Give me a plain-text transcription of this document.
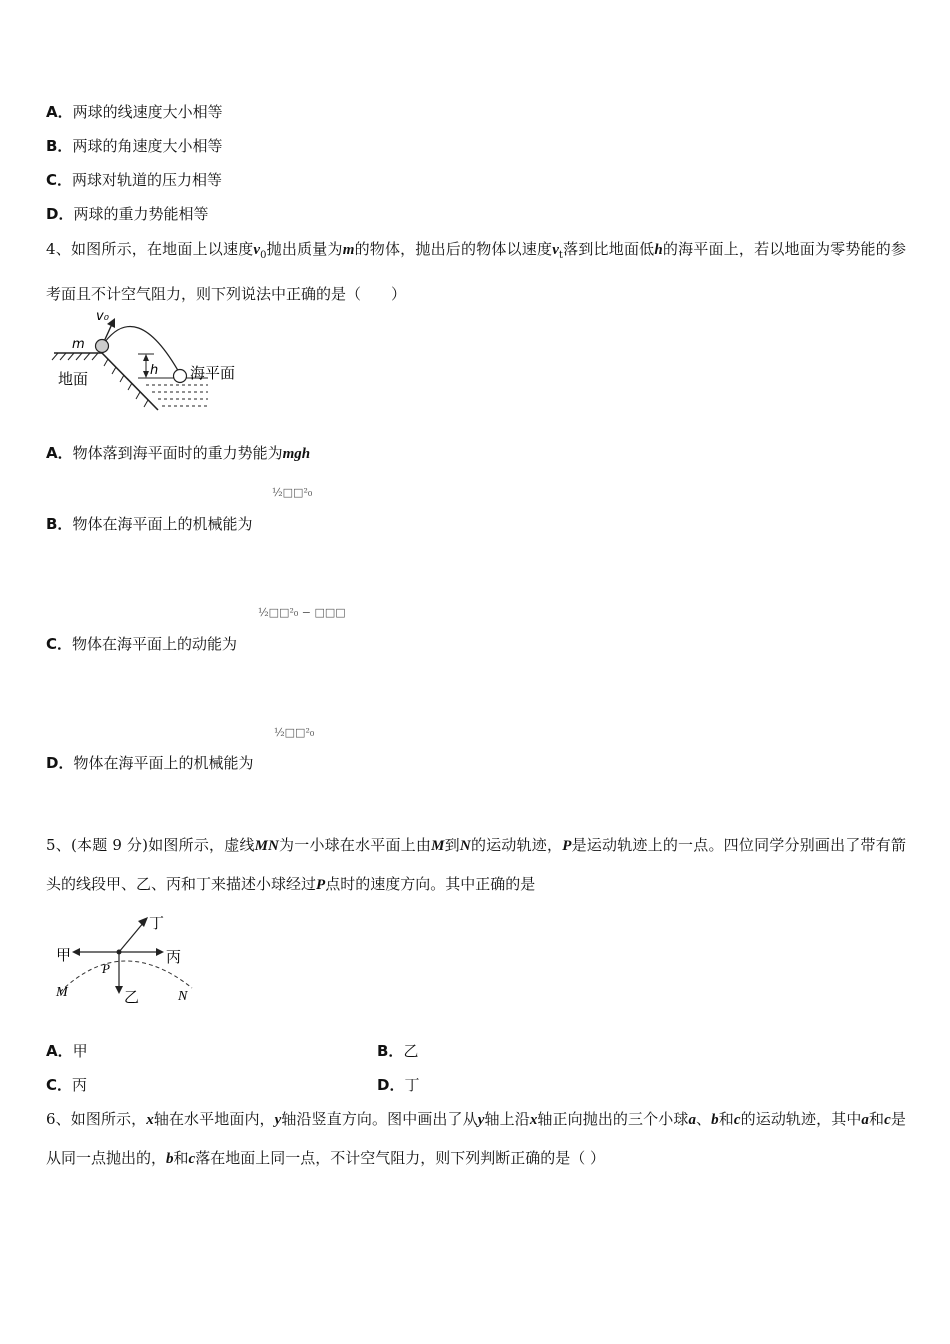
A．两球的线速度大小相等
B．两球的角速度大小相等
C．两球对轨道的压力相等
D．两球的重力势能相等
4、如图所示，在地面上以速度$v_0$抛出质量为m的物体，抛出后的物体以速度$v_t$落到比地面低h的海平面上，若以地面为零势能的参考面且不计空气阻力，则下列说法中正确的是（　　）
v₀
m
地面	h 海平面
A．物体落到海平面时的重力势能为mgh
½□□²₀
B．物体在海平面上的机械能为
½□□²₀ − □□□
C．物体在海平面上的动能为
½□□²₀
D．物体在海平面上的机械能为
5、(本题 9 分)如图所示，虚线MN为一小球在水平面上由M到N的运动轨迹，P是运动轨迹上的一点。四位同学分别画出了带有箭头的线段甲、乙、丙和丁来描述小球经过P点时的速度方向。其中正确的是
甲	丙
乙
丁
P
M	N
A．甲	B．乙
C．丙	D．丁
6、如图所示，x轴在水平地面内，y轴沿竖直方向。图中画出了从y轴上沿x轴正向抛出的三个小球a、b和c的运动轨迹，其中a和c是从同一点抛出的，b和c落在地面上同一点，不计空气阻力，则下列判断正确的是（ ）
